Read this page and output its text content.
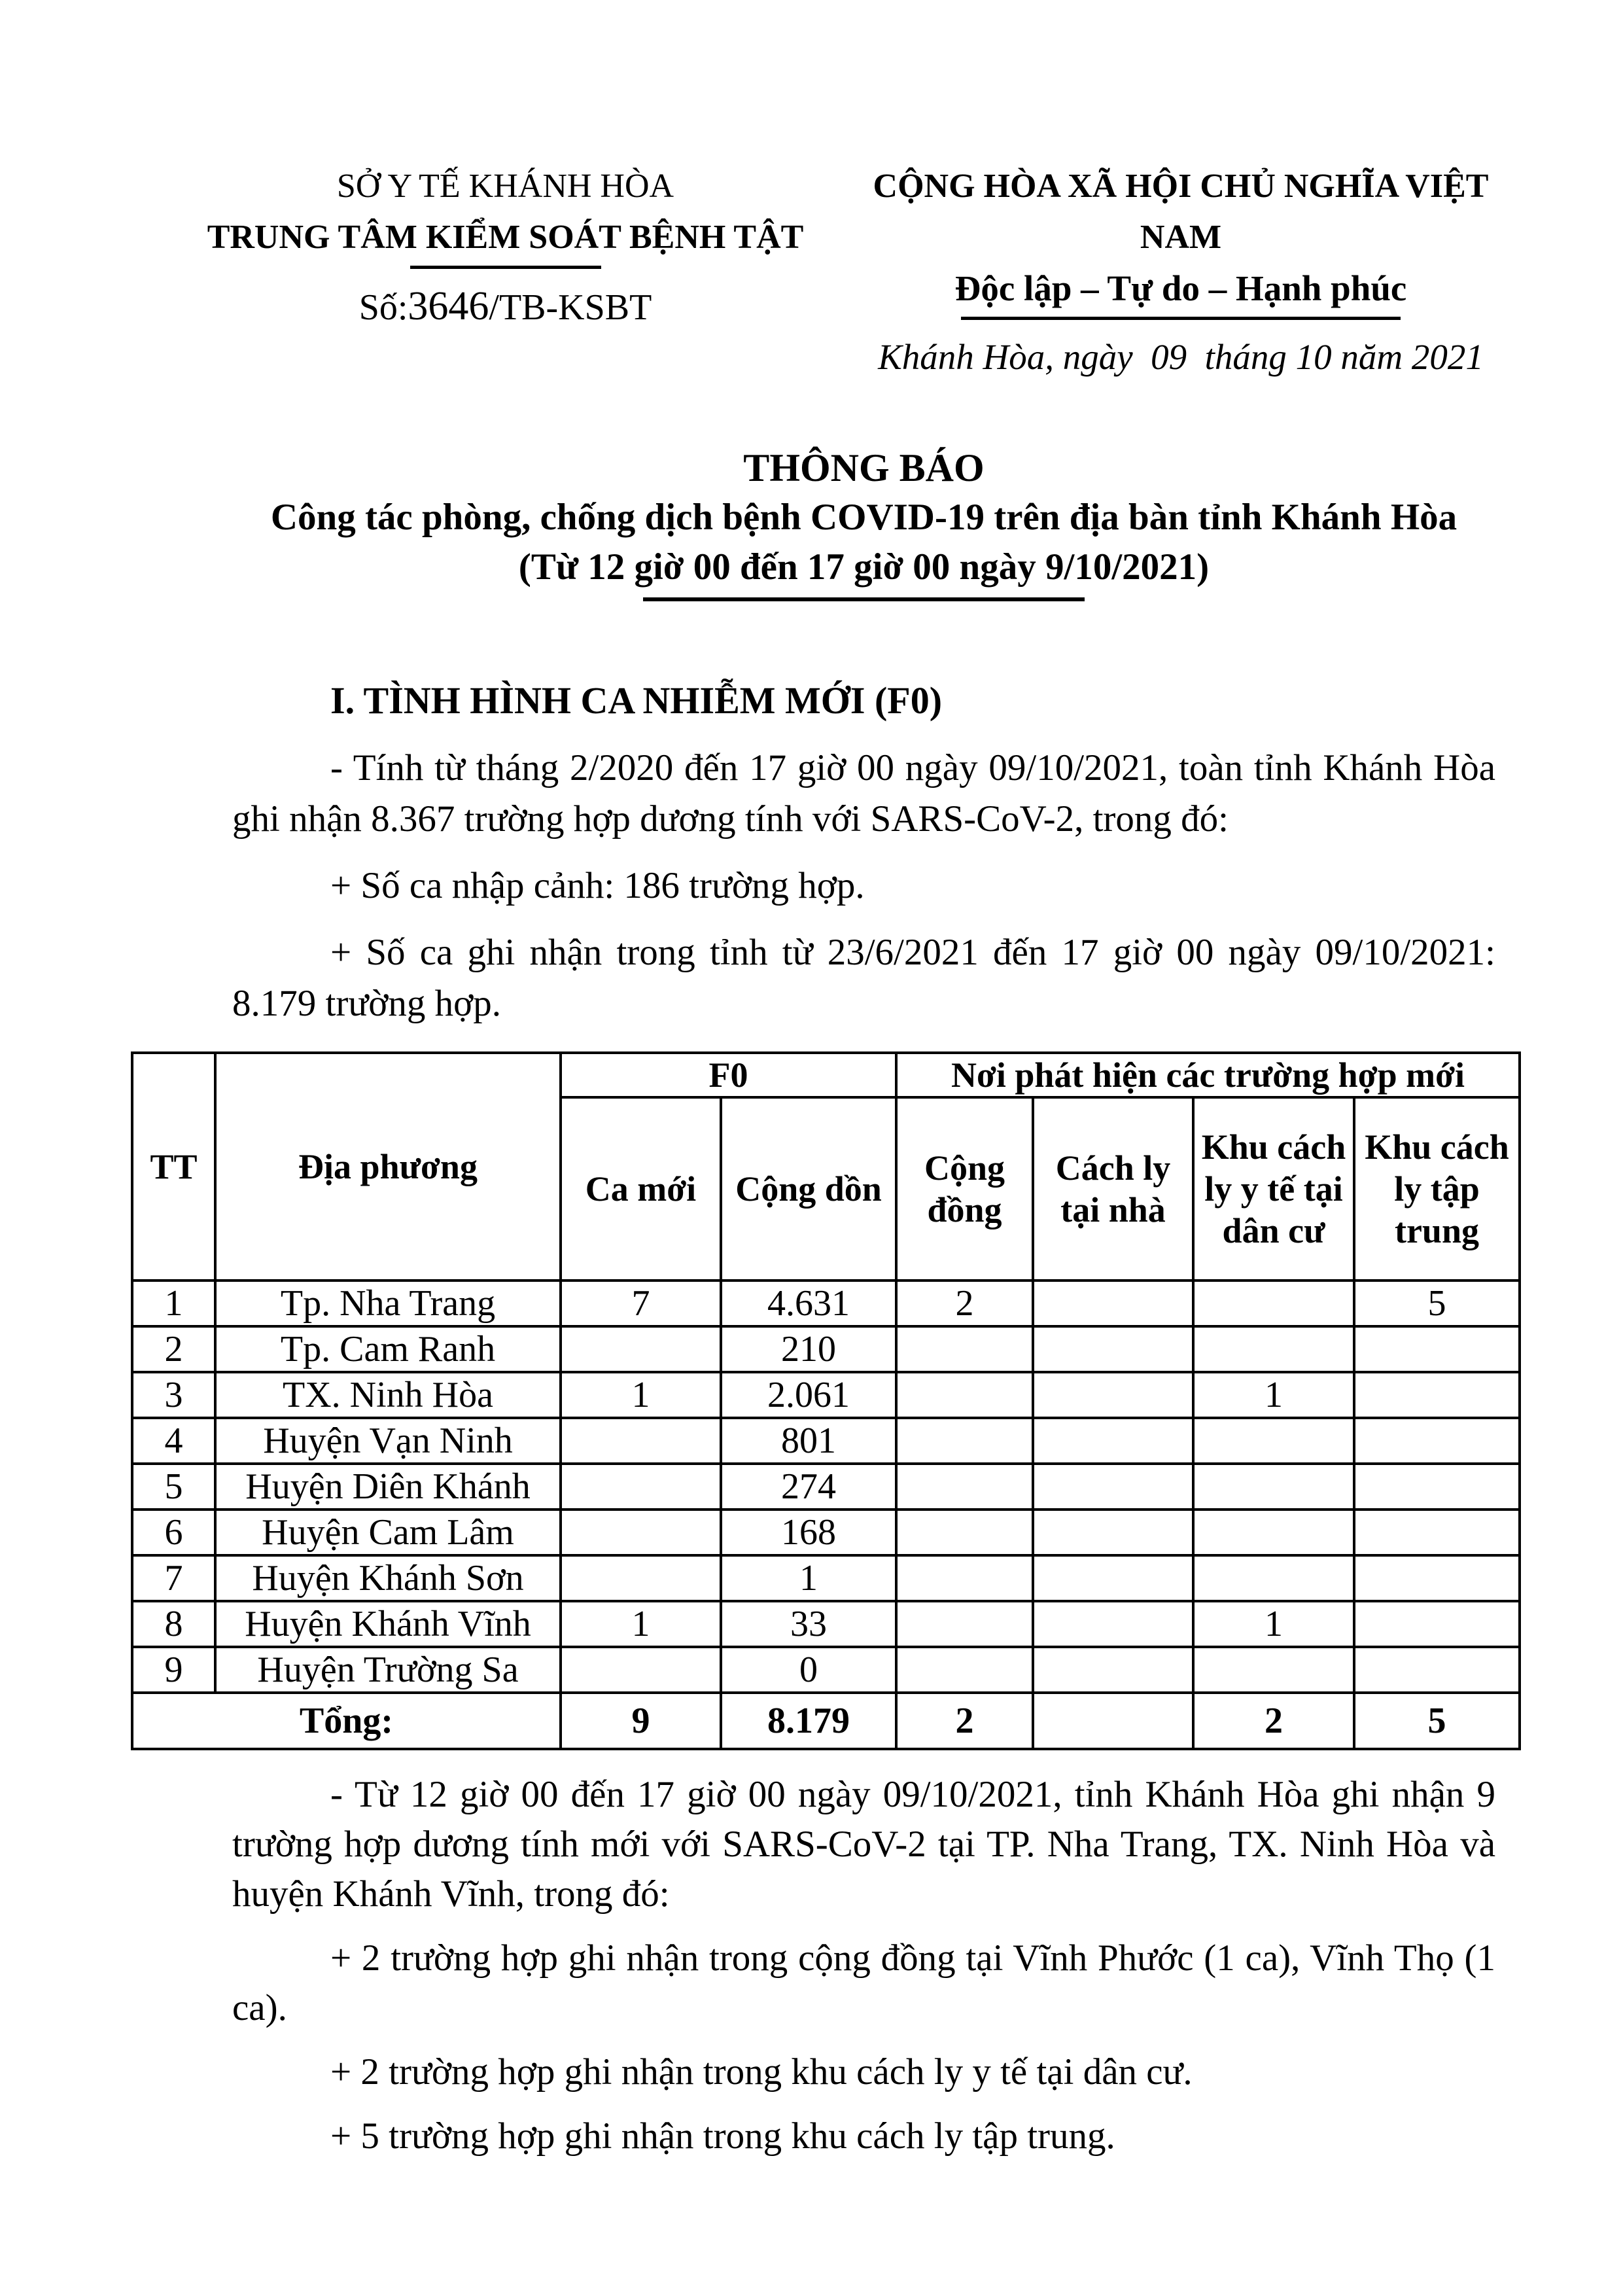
SỞ Y TẾ KHÁNH HÒA
TRUNG TÂM KIỂM SOÁT BỆNH TẬT
Số:3646/TB-KSBT
CỘNG HÒA XÃ HỘI CHỦ NGHĨA VIỆT NAM
Độc lập – Tự do – Hạnh phúc
Khánh Hòa, ngày  09  tháng 10 năm 2021
THÔNG BÁO
Công tác phòng, chống dịch bệnh COVID-19 trên địa bàn tỉnh Khánh Hòa
(Từ 12 giờ 00 đến 17 giờ 00 ngày 9/10/2021)
I. TÌNH HÌNH CA NHIỄM MỚI (F0)
- Tính từ tháng 2/2020 đến 17 giờ 00 ngày 09/10/2021, toàn tỉnh Khánh Hòa ghi nhận 8.367 trường hợp dương tính với SARS-CoV-2, trong đó:
+ Số ca nhập cảnh: 186 trường hợp.
+ Số ca ghi nhận trong tỉnh từ 23/6/2021 đến 17 giờ 00 ngày 09/10/2021: 8.179 trường hợp.
TT	Địa phương	F0		Nơi phát hiện các trường hợp mới			
		Ca mới	Cộng dồn	Cộng đồng	Cách ly tại nhà	Khu cách ly y tế tại dân cư	Khu cách ly tập trung
1	Tp. Nha Trang	7	4.631	2			5
2	Tp. Cam Ranh		210				
3	TX. Ninh Hòa	1	2.061			1	
4	Huyện Vạn Ninh		801				
5	Huyện Diên Khánh		274				
6	Huyện Cam Lâm		168				
7	Huyện Khánh Sơn		1				
8	Huyện Khánh Vĩnh	1	33			1	
9	Huyện Trường Sa		0				
Tổng:		9	8.179	2		2	5
- Từ 12 giờ 00 đến 17 giờ 00 ngày 09/10/2021, tỉnh Khánh Hòa ghi nhận 9 trường hợp dương tính mới với SARS-CoV-2 tại TP. Nha Trang, TX. Ninh Hòa và huyện Khánh Vĩnh, trong đó:
+ 2 trường hợp ghi nhận trong cộng đồng tại Vĩnh Phước (1 ca), Vĩnh Thọ (1 ca).
+ 2 trường hợp ghi nhận trong khu cách ly y tế tại dân cư.
+ 5 trường hợp ghi nhận trong khu cách ly tập trung.
